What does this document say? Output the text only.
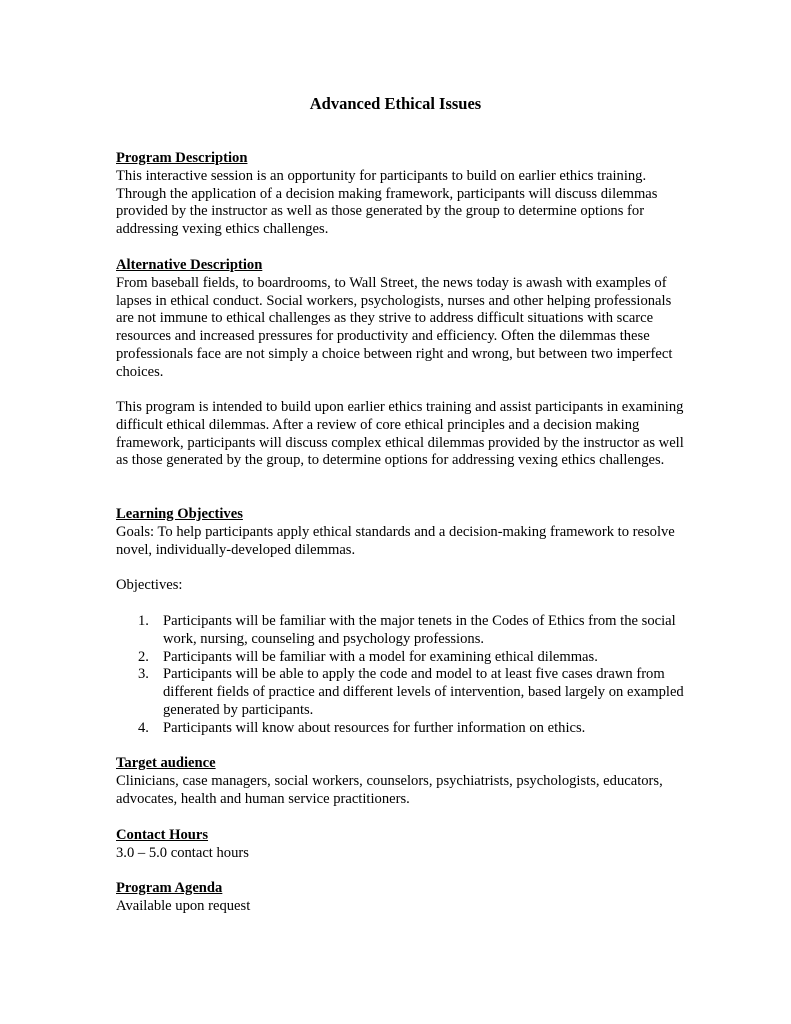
Advanced Ethical Issues

Program Description

This interactive session is an opportunity for participants to build on earlier ethics training. Through the application of a decision making framework, participants will discuss dilemmas provided by the instructor as well as those generated by the group to determine options for addressing vexing ethics challenges.

Alternative Description

From baseball fields, to boardrooms, to Wall Street, the news today is awash with examples of lapses in ethical conduct. Social workers, psychologists, nurses and other helping professionals are not immune to ethical challenges as they strive to address difficult situations with scarce resources and increased pressures for productivity and efficiency. Often the dilemmas these professionals face are not simply a choice between right and wrong, but between two imperfect choices.

This program is intended to build upon earlier ethics training and assist participants in examining difficult ethical dilemmas. After a review of core ethical principles and a decision making framework, participants will discuss complex ethical dilemmas provided by the instructor as well as those generated by the group, to determine options for addressing vexing ethics challenges.

Learning Objectives

Goals: To help participants apply ethical standards and a decision-making framework to resolve novel, individually-developed dilemmas.

Objectives:

1. Participants will be familiar with the major tenets in the Codes of Ethics from the social work, nursing, counseling and psychology professions.
2. Participants will be familiar with a model for examining ethical dilemmas.
3. Participants will be able to apply the code and model to at least five cases drawn from different fields of practice and different levels of intervention, based largely on exampled generated by participants.
4. Participants will know about resources for further information on ethics.

Target audience

Clinicians, case managers, social workers, counselors, psychiatrists, psychologists, educators, advocates, health and human service practitioners.

Contact Hours

3.0 – 5.0 contact hours

Program Agenda

Available upon request
